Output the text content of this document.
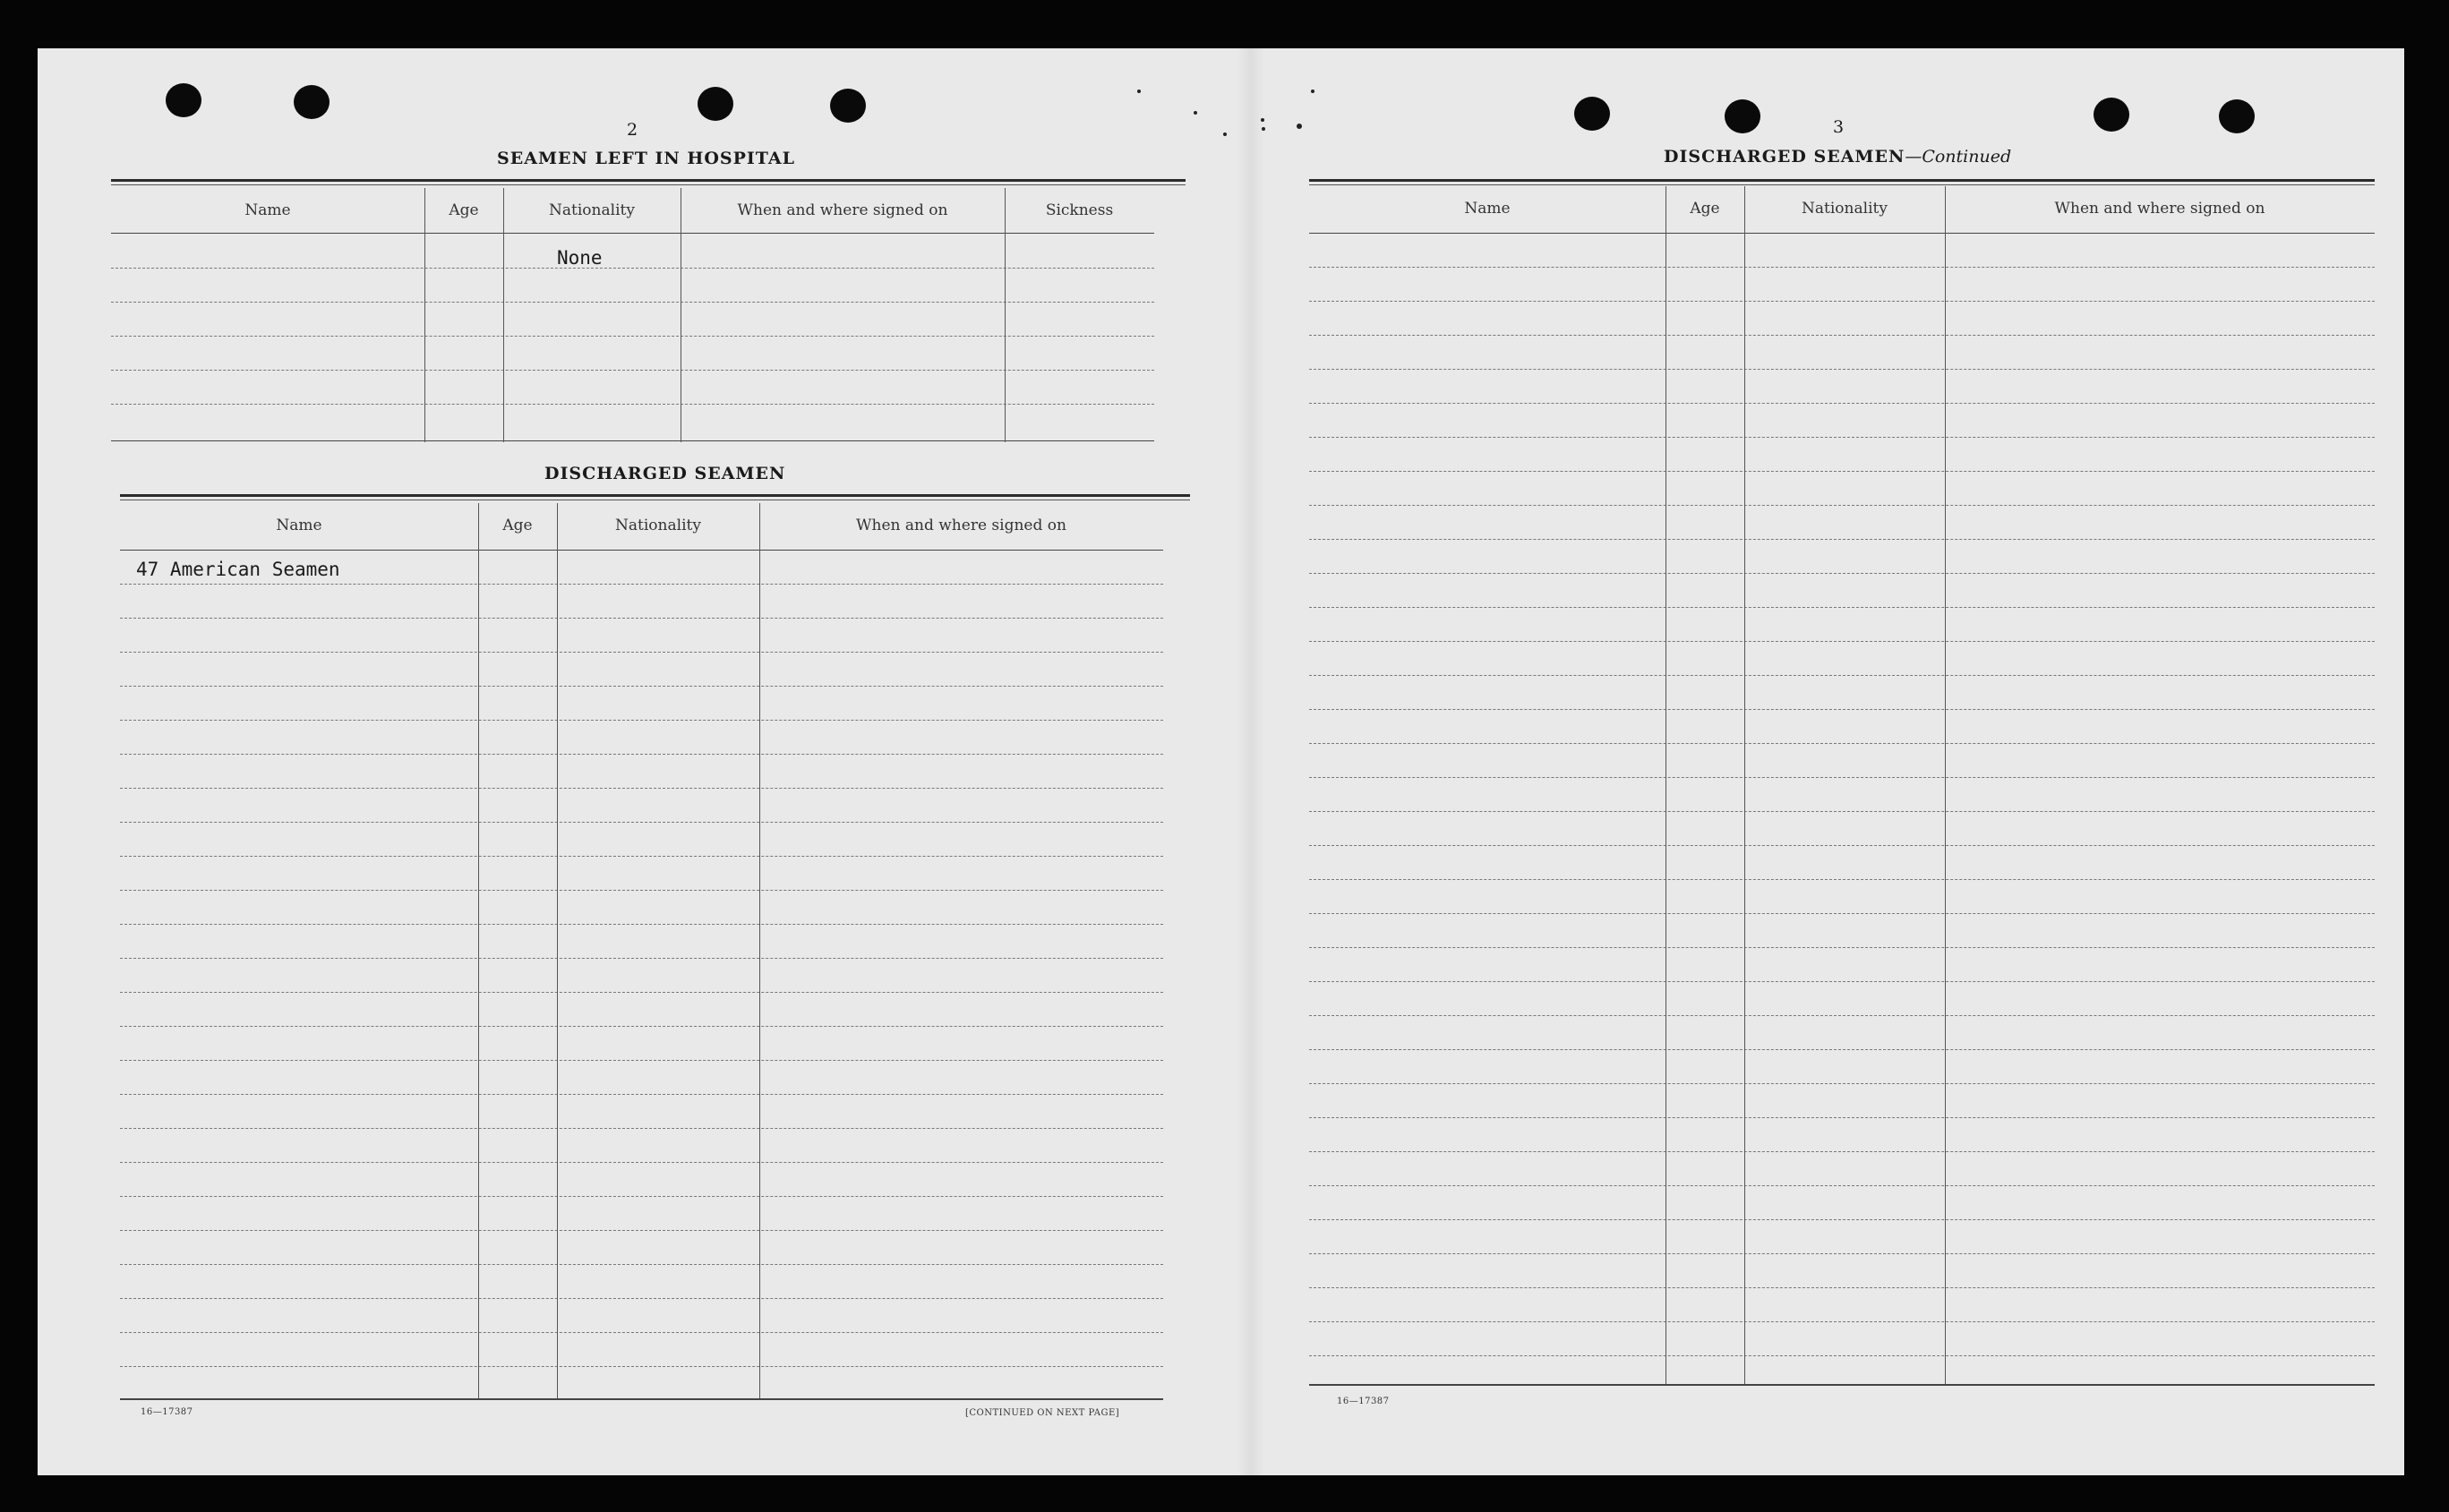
2
SEAMEN LEFT IN HOSPITAL
Name	Age	Nationality	When and where signed on	Sickness
None
DISCHARGED SEAMEN
Name	Age	Nationality	When and where signed on
47 American Seamen
16—17387	[CONTINUED ON NEXT PAGE]
3
DISCHARGED SEAMEN—Continued
Name	Age	Nationality	When and where signed on
16—17387
